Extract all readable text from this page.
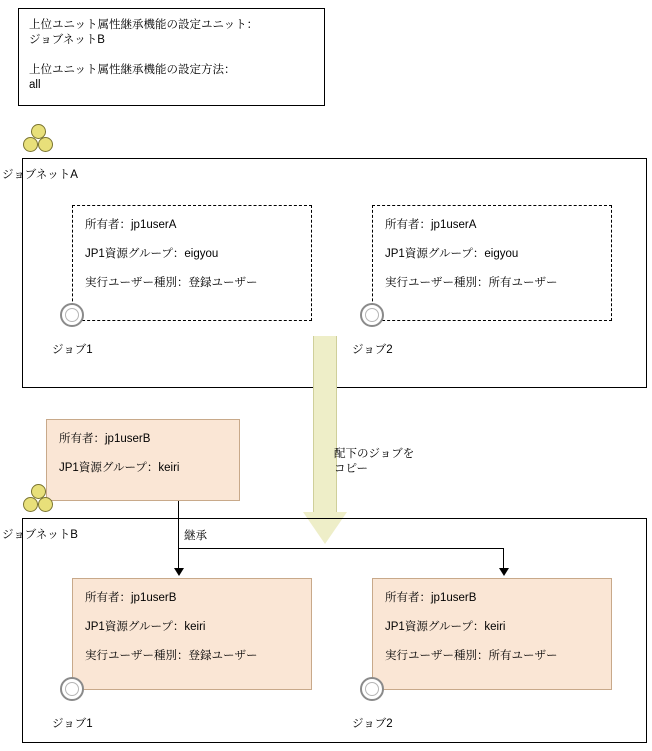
上位ユニット属性継承機能の設定ユニット：
ジョブネットB
上位ユニット属性継承機能の設定方法：
all
ジョブネットA
所有者：jp1userA
JP1資源グループ：eigyou
実行ユーザー種別：登録ユーザー
ジョブ1
所有者：jp1userA
JP1資源グループ：eigyou
実行ユーザー種別：所有ユーザー
ジョブ2
配下のジョブを
コピー
所有者：jp1userB
JP1資源グループ：keiri
ジョブネットB	継承
所有者：jp1userB
JP1資源グループ：keiri
実行ユーザー種別：登録ユーザー
ジョブ1
所有者：jp1userB
JP1資源グループ：keiri
実行ユーザー種別：所有ユーザー
ジョブ2
